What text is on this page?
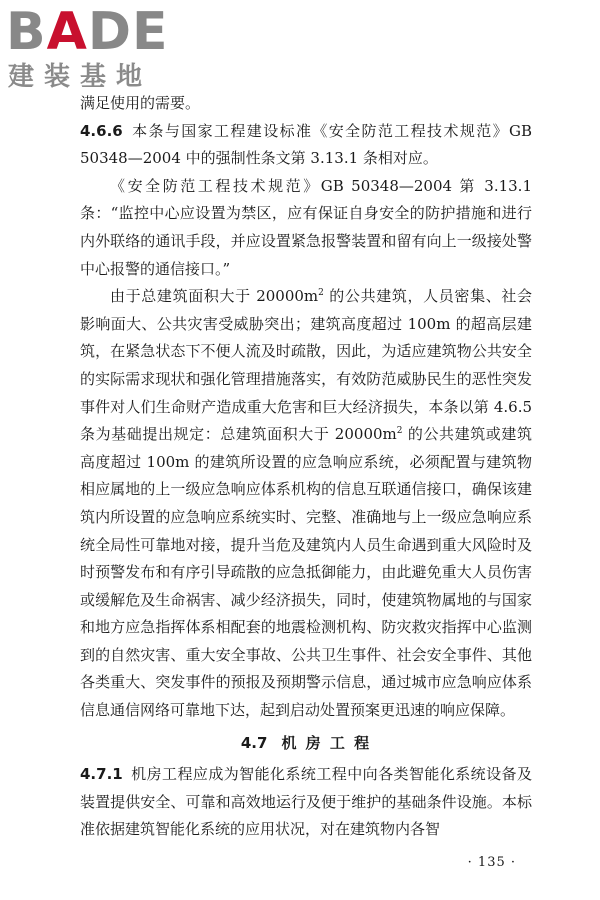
BADE
建装基地

满足使用的需要。

4.6.6 本条与国家工程建设标准《安全防范工程技术规范》GB 50348—2004 中的强制性条文第 3.13.1 条相对应。

《安全防范工程技术规范》GB 50348—2004 第 3.13.1 条：“监控中心应设置为禁区，应有保证自身安全的防护措施和进行内外联络的通讯手段，并应设置紧急报警装置和留有向上一级接处警中心报警的通信接口。”

由于总建筑面积大于 $20000m^2$ 的公共建筑，人员密集、社会影响面大、公共灾害受威胁突出；建筑高度超过 100m 的超高层建筑，在紧急状态下不便人流及时疏散，因此，为适应建筑物公共安全的实际需求现状和强化管理措施落实，有效防范威胁民生的恶性突发事件对人们生命财产造成重大危害和巨大经济损失，本条以第 4.6.5 条为基础提出规定：总建筑面积大于 $20000m^2$ 的公共建筑或建筑高度超过 100m 的建筑所设置的应急响应系统，必须配置与建筑物相应属地的上一级应急响应体系机构的信息互联通信接口，确保该建筑内所设置的应急响应系统实时、完整、准确地与上一级应急响应系统全局性可靠地对接，提升当危及建筑内人员生命遇到重大风险时及时预警发布和有序引导疏散的应急抵御能力，由此避免重大人员伤害或缓解危及生命祸害、减少经济损失，同时，使建筑物属地的与国家和地方应急指挥体系相配套的地震检测机构、防灾救灾指挥中心监测到的自然灾害、重大安全事故、公共卫生事件、社会安全事件、其他各类重大、突发事件的预报及预期警示信息，通过城市应急响应体系信息通信网络可靠地下达，起到启动处置预案更迅速的响应保障。

4.7 机 房 工 程

4.7.1 机房工程应成为智能化系统工程中向各类智能化系统设备及装置提供安全、可靠和高效地运行及便于维护的基础条件设施。本标准依据建筑智能化系统的应用状况，对在建筑物内各智

· 135 ·
